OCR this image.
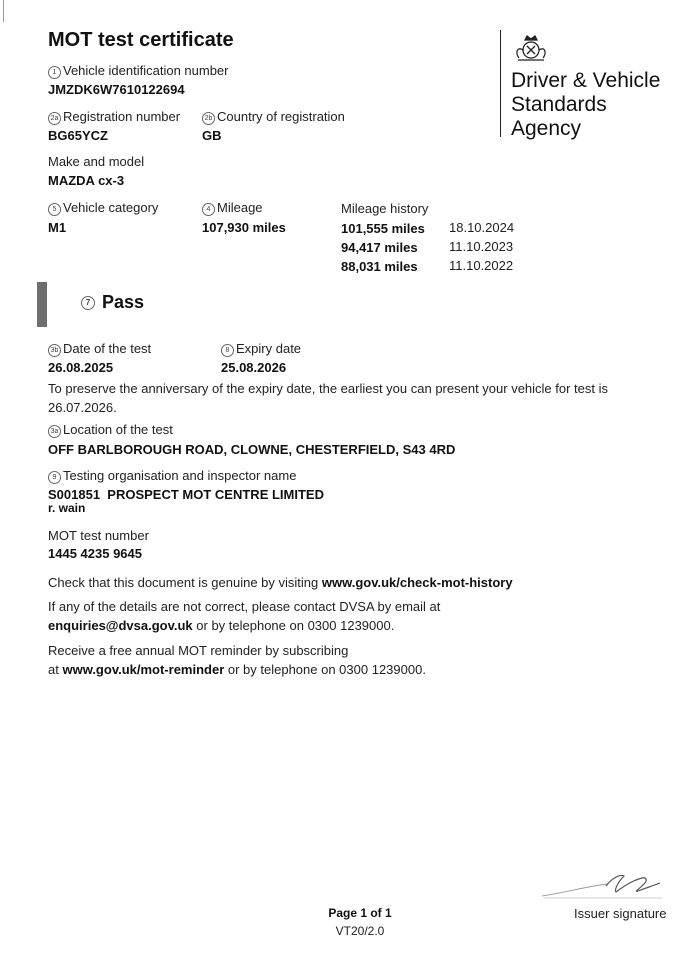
MOT test certificate
Driver & Vehicle
Standards
Agency
1 Vehicle identification number
JMZDK6W7610122694
2a Registration number
BG65YCZ
2b Country of registration
GB
Make and model
MAZDA cx-3
5 Vehicle category
M1
4 Mileage
107,930 miles
Mileage history
101,555 miles 18.10.2024
94,417 miles 11.10.2023
88,031 miles 11.10.2022
7 Pass
3b Date of the test
26.08.2025
8 Expiry date
25.08.2026
To preserve the anniversary of the expiry date, the earliest you can present your vehicle for test is 26.07.2026.
3a Location of the test
OFF BARLBOROUGH ROAD, CLOWNE, CHESTERFIELD, S43 4RD
9 Testing organisation and inspector name
S001851 PROSPECT MOT CENTRE LIMITED
r. wain
MOT test number
1445 4235 9645
Check that this document is genuine by visiting www.gov.uk/check-mot-history
If any of the details are not correct, please contact DVSA by email at
enquiries@dvsa.gov.uk or by telephone on 0300 1239000.
Receive a free annual MOT reminder by subscribing
at www.gov.uk/mot-reminder or by telephone on 0300 1239000.
Issuer signature
Page 1 of 1
VT20/2.0
